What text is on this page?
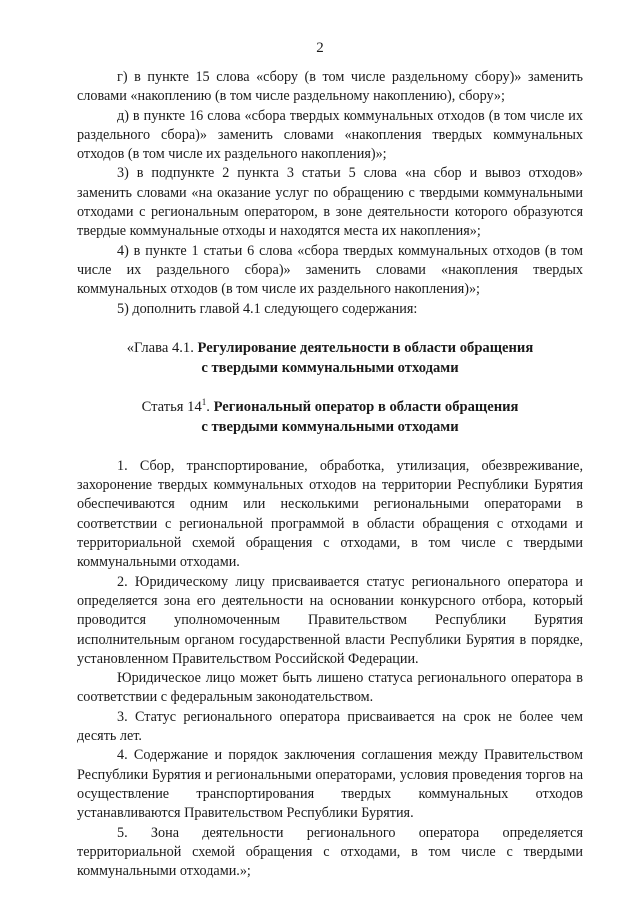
2

г) в пункте 15 слова «сбору (в том числе раздельному сбору)» заменить словами «накоплению (в том числе раздельному накоплению), сбору»;

д) в пункте 16 слова «сбора твердых коммунальных отходов (в том числе их раздельного сбора)» заменить словами «накопления твердых коммунальных отходов (в том числе их раздельного накопления)»;

3) в подпункте 2 пункта 3 статьи 5 слова «на сбор и вывоз отходов» заменить словами «на оказание услуг по обращению с твердыми коммунальными отходами с региональным оператором, в зоне деятельности которого образуются твердые коммунальные отходы и находятся места их накопления»;

4) в пункте 1 статьи 6 слова «сбора твердых коммунальных отходов (в том числе их раздельного сбора)» заменить словами «накопления твердых коммунальных отходов (в том числе их раздельного накопления)»;

5) дополнить главой 4.1 следующего содержания:

«Глава 4.1. Регулирование деятельности в области обращения
с твердыми коммунальными отходами
Статья $14^1$. Региональный оператор в области обращения
с твердыми коммунальными отходами

1. Сбор, транспортирование, обработка, утилизация, обезвреживание, захоронение твердых коммунальных отходов на территории Республики Бурятия обеспечиваются одним или несколькими региональными операторами в соответствии с региональной программой в области обращения с отходами и территориальной схемой обращения с отходами, в том числе с твердыми коммунальными отходами.

2. Юридическому лицу присваивается статус регионального оператора и определяется зона его деятельности на основании конкурсного отбора, который проводится уполномоченным Правительством Республики Бурятия исполнительным органом государственной власти Республики Бурятия в порядке, установленном Правительством Российской Федерации.

Юридическое лицо может быть лишено статуса регионального оператора в соответствии с федеральным законодательством.

3. Статус регионального оператора присваивается на срок не более чем десять лет.

4. Содержание и порядок заключения соглашения между Правительством Республики Бурятия и региональными операторами, условия проведения торгов на осуществление транспортирования твердых коммунальных отходов устанавливаются Правительством Республики Бурятия.

5. Зона деятельности регионального оператора определяется территориальной схемой обращения с отходами, в том числе с твердыми коммунальными отходами.»;
